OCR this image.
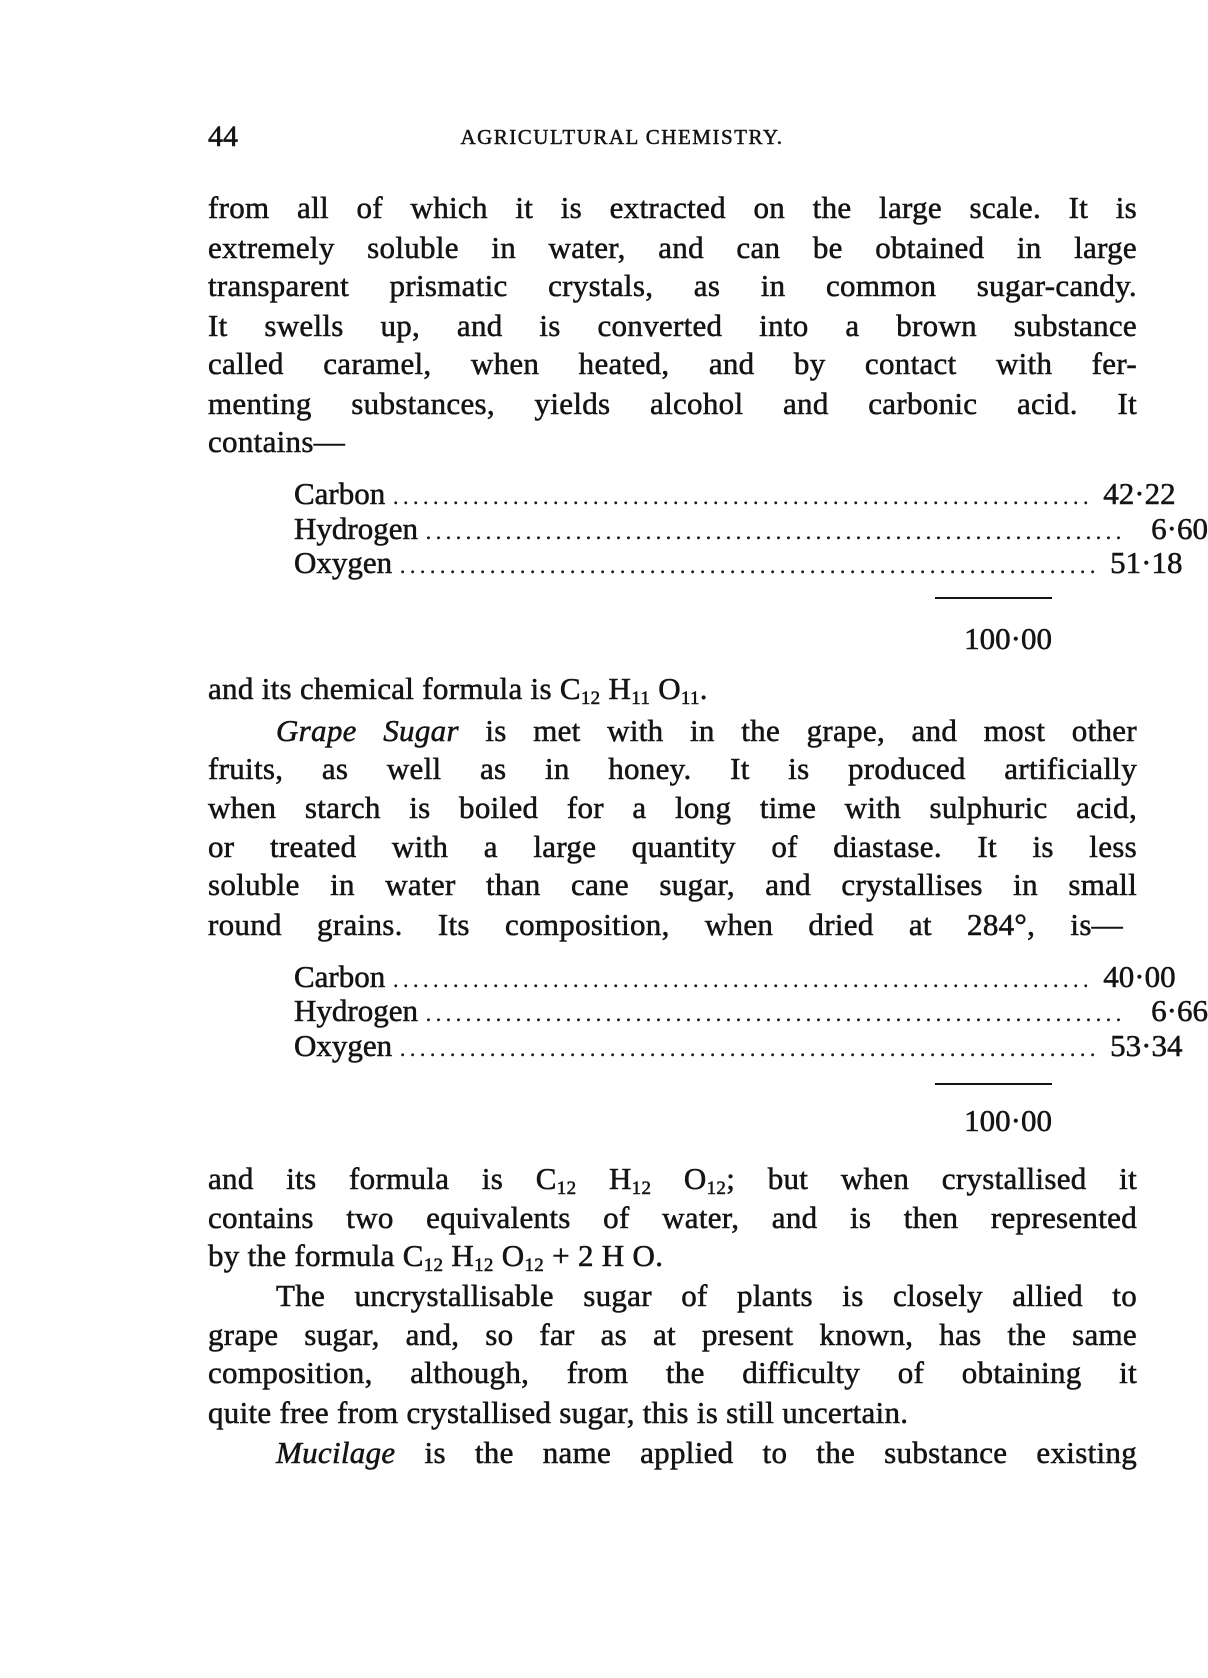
44	AGRICULTURAL CHEMISTRY.
from all of which it is extracted on the large scale. It is
extremely soluble in water, and can be obtained in large
transparent prismatic crystals, as in common sugar-candy.
It swells up, and is converted into a brown substance
called caramel, when heated, and by contact with fer-
menting substances, yields alcohol and carbonic acid. It
contains—
Carbon ...................................................................... 42·22
Hydrogen ...................................................................... 6·60
Oxygen ...................................................................... 51·18
100·00
and its chemical formula is $C_{12}$ $H_{11}$ $O_{11}$.
Grape Sugar is met with in the grape, and most other
fruits, as well as in honey. It is produced artificially
when starch is boiled for a long time with sulphuric acid,
or treated with a large quantity of diastase. It is less
soluble in water than cane sugar, and crystallises in small
round grains. Its composition, when dried at 284°, is—
Carbon ...................................................................... 40·00
Hydrogen ...................................................................... 6·66
Oxygen ...................................................................... 53·34
100·00
and its formula is $C_{12}$ $H_{12}$ $O_{12}$; but when crystallised it
contains two equivalents of water, and is then represented
by the formula $C_{12}$ $H_{12}$ $O_{12} + 2$ H O.
The uncrystallisable sugar of plants is closely allied to
grape sugar, and, so far as at present known, has the same
composition, although, from the difficulty of obtaining it
quite free from crystallised sugar, this is still uncertain.
Mucilage is the name applied to the substance existing
